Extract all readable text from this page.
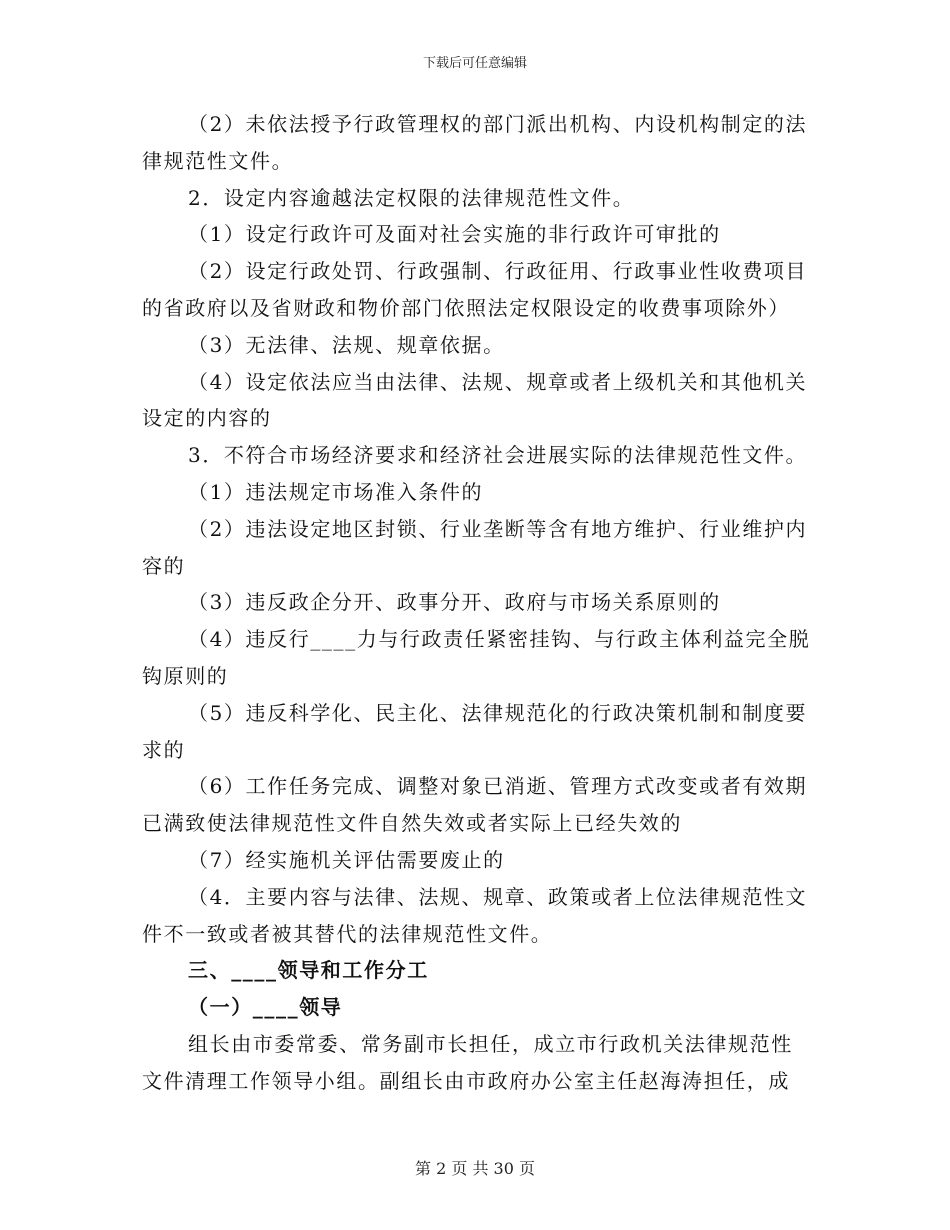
下载后可任意编辑
（2）未依法授予行政管理权的部门派出机构、内设机构制定的法
律规范性文件。
2．设定内容逾越法定权限的法律规范性文件。
（1）设定行政许可及面对社会实施的非行政许可审批的
（2）设定行政处罚、行政强制、行政征用、行政事业性收费项目
的省政府以及省财政和物价部门依照法定权限设定的收费事项除外）
（3）无法律、法规、规章依据。
（4）设定依法应当由法律、法规、规章或者上级机关和其他机关
设定的内容的
3．不符合市场经济要求和经济社会进展实际的法律规范性文件。
（1）违法规定市场准入条件的
（2）违法设定地区封锁、行业垄断等含有地方维护、行业维护内
容的
（3）违反政企分开、政事分开、政府与市场关系原则的
（4）违反行____力与行政责任紧密挂钩、与行政主体利益完全脱
钩原则的
（5）违反科学化、民主化、法律规范化的行政决策机制和制度要
求的
（6）工作任务完成、调整对象已消逝、管理方式改变或者有效期
已满致使法律规范性文件自然失效或者实际上已经失效的
（7）经实施机关评估需要废止的
（4．主要内容与法律、法规、规章、政策或者上位法律规范性文
件不一致或者被其替代的法律规范性文件。
三、____领导和工作分工
（一）____领导
组长由市委常委、常务副市长担任，成立市行政机关法律规范性
文件清理工作领导小组。副组长由市政府办公室主任赵海涛担任，成
第 2 页 共 30 页
